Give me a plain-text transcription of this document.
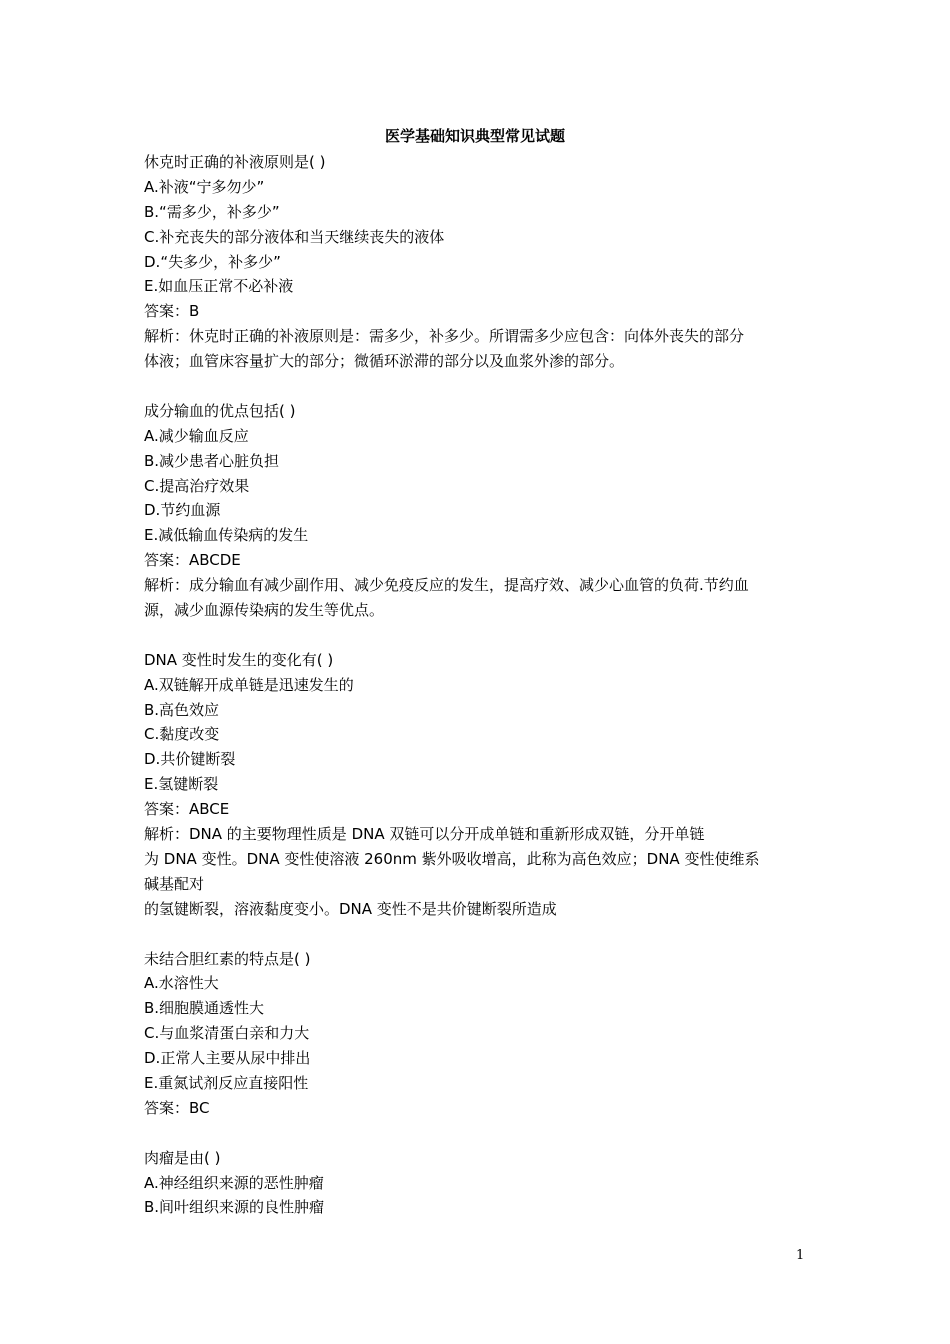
医学基础知识典型常见试题
休克时正确的补液原则是( )
A.补液“宁多勿少”
B.“需多少，补多少”
C.补充丧失的部分液体和当天继续丧失的液体
D.“失多少，补多少”
E.如血压正常不必补液
答案：B
解析：休克时正确的补液原则是：需多少，补多少。所谓需多少应包含：向体外丧失的部分
体液；血管床容量扩大的部分；微循环淤滞的部分以及血浆外渗的部分。
成分输血的优点包括( )
A.减少输血反应
B.减少患者心脏负担
C.提高治疗效果
D.节约血源
E.减低输血传染病的发生
答案：ABCDE
解析：成分输血有减少副作用、减少免疫反应的发生，提高疗效、减少心血管的负荷.节约血
源，减少血源传染病的发生等优点。
DNA 变性时发生的变化有( )
A.双链解开成单链是迅速发生的
B.高色效应
C.黏度改变
D.共价键断裂
E.氢键断裂
答案：ABCE
解析：DNA 的主要物理性质是 DNA 双链可以分开成单链和重新形成双链，分开单链
为 DNA 变性。DNA 变性使溶液 260nm 紫外吸收增高，此称为高色效应；DNA 变性使维系
碱基配对
的氢键断裂，溶液黏度变小。DNA 变性不是共价键断裂所造成
未结合胆红素的特点是( )
A.水溶性大
B.细胞膜通透性大
C.与血浆清蛋白亲和力大
D.正常人主要从尿中排出
E.重氮试剂反应直接阳性
答案：BC
肉瘤是由( )
A.神经组织来源的恶性肿瘤
B.间叶组织来源的良性肿瘤
1
